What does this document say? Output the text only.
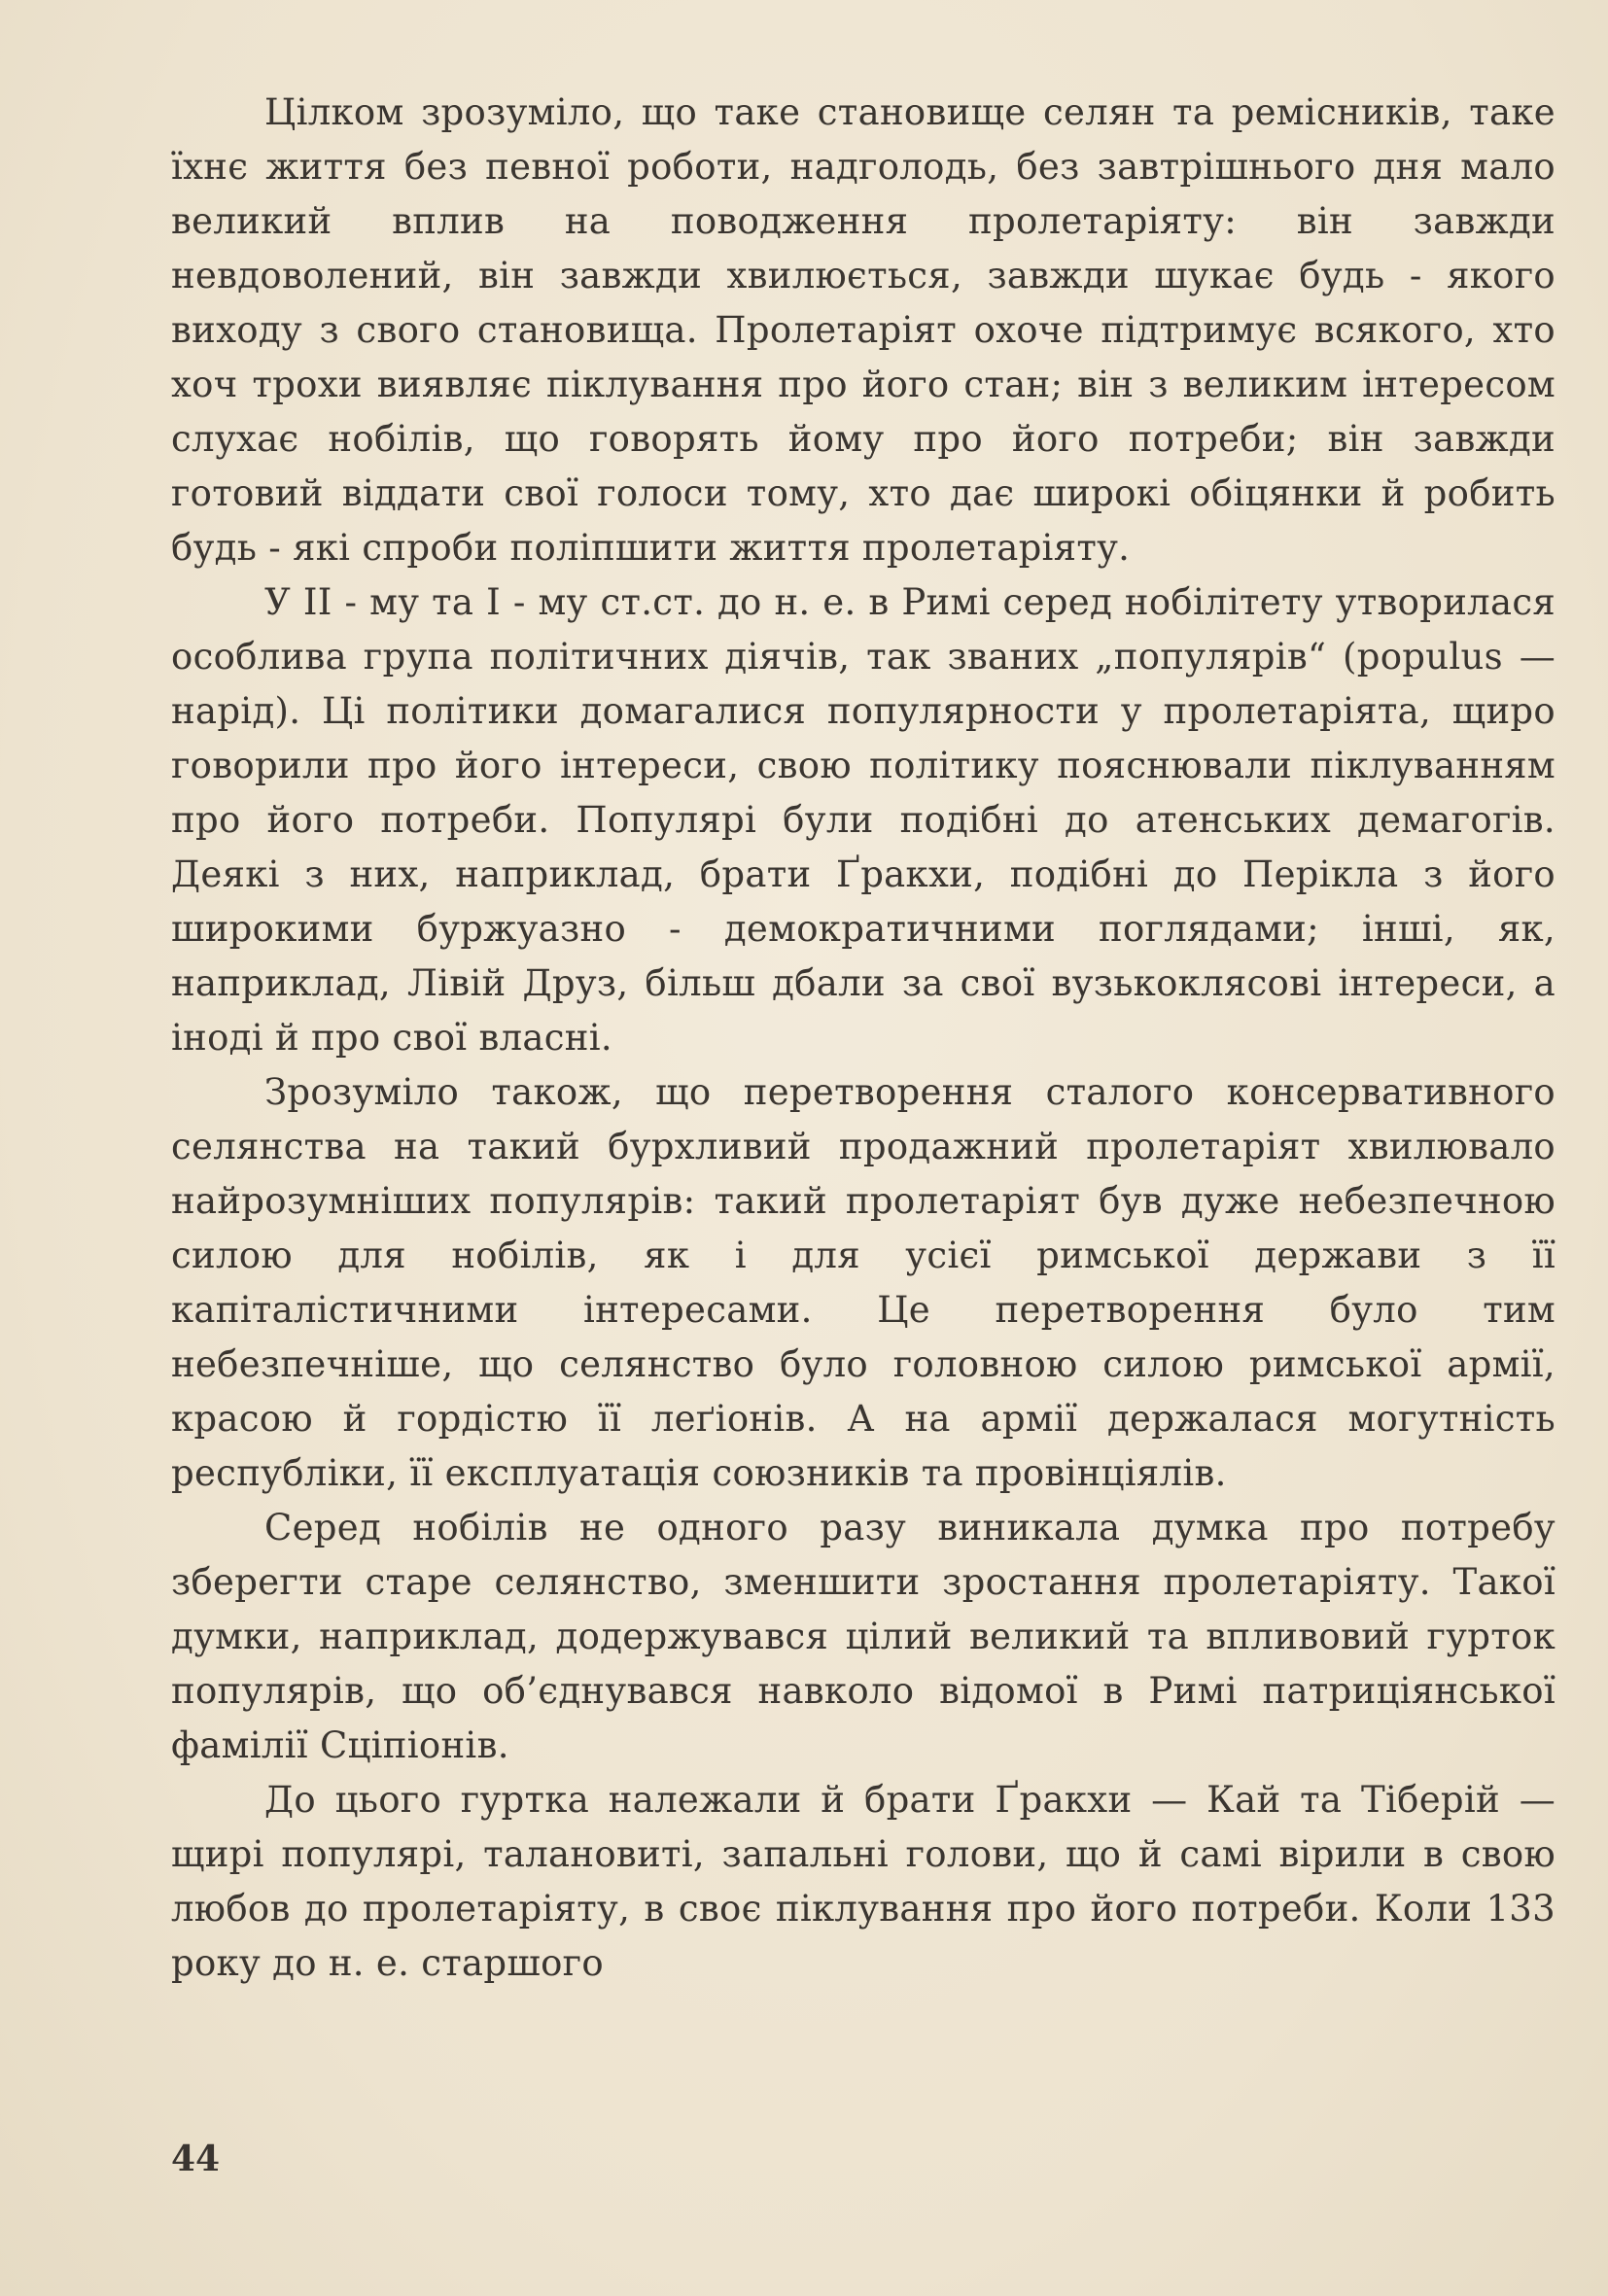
Цілком зрозуміло, що таке становище селян та ремісників, таке їхнє життя без певної роботи, надголодь, без завтрішнього дня мало великий вплив на поводження пролетаріяту: він завжди невдоволений, він завжди хвилюється, завжди шукає будь - якого виходу з свого становища. Пролетаріят охоче підтримує всякого, хто хоч трохи виявляє піклування про його стан; він з великим інтересом слухає нобілів, що говорять йому про його потреби; він завжди готовий віддати свої голоси тому, хто дає широкі обіцянки й робить будь - які спроби поліпшити життя пролетаріяту.

У ІІ - му та І - му ст.ст. до н. е. в Римі серед нобілітету утворилася особлива група політичних діячів, так званих „популярів“ (populus — нарід). Ці політики домагалися популярности у пролетаріята, щиро говорили про його інтереси, свою політику пояснювали піклуванням про його потреби. Популярі були подібні до атенських демагогів. Деякі з них, наприклад, брати Ґракхи, подібні до Перікла з його широкими буржуазно - демократичними поглядами; інші, як, наприклад, Лівій Друз, більш дбали за свої вузькоклясові інтереси, а іноді й про свої власні.

Зрозуміло також, що перетворення сталого консервативного селянства на такий бурхливий продажний пролетаріят хвилювало найрозумніших популярів: такий пролетаріят був дуже небезпечною силою для нобілів, як і для усієї римської держави з її капіталістичними інтересами. Це перетворення було тим небезпечніше, що селянство було головною силою римської армії, красою й гордістю її леґіонів. А на армії держалася могутність республіки, її експлуатація союзників та провінціялів.

Серед нобілів не одного разу виникала думка про потребу зберегти старе селянство, зменшити зростання пролетаріяту. Такої думки, наприклад, додержувався цілий великий та впливовий гурток популярів, що об’єднувався навколо відомої в Римі патриціянської фамілії Сціпіонів.

До цього гуртка належали й брати Ґракхи — Кай та Тіберій — щирі популярі, талановиті, запальні голови, що й самі вірили в свою любов до пролетаріяту, в своє піклування про його потреби. Коли 133 року до н. е. старшого

44
